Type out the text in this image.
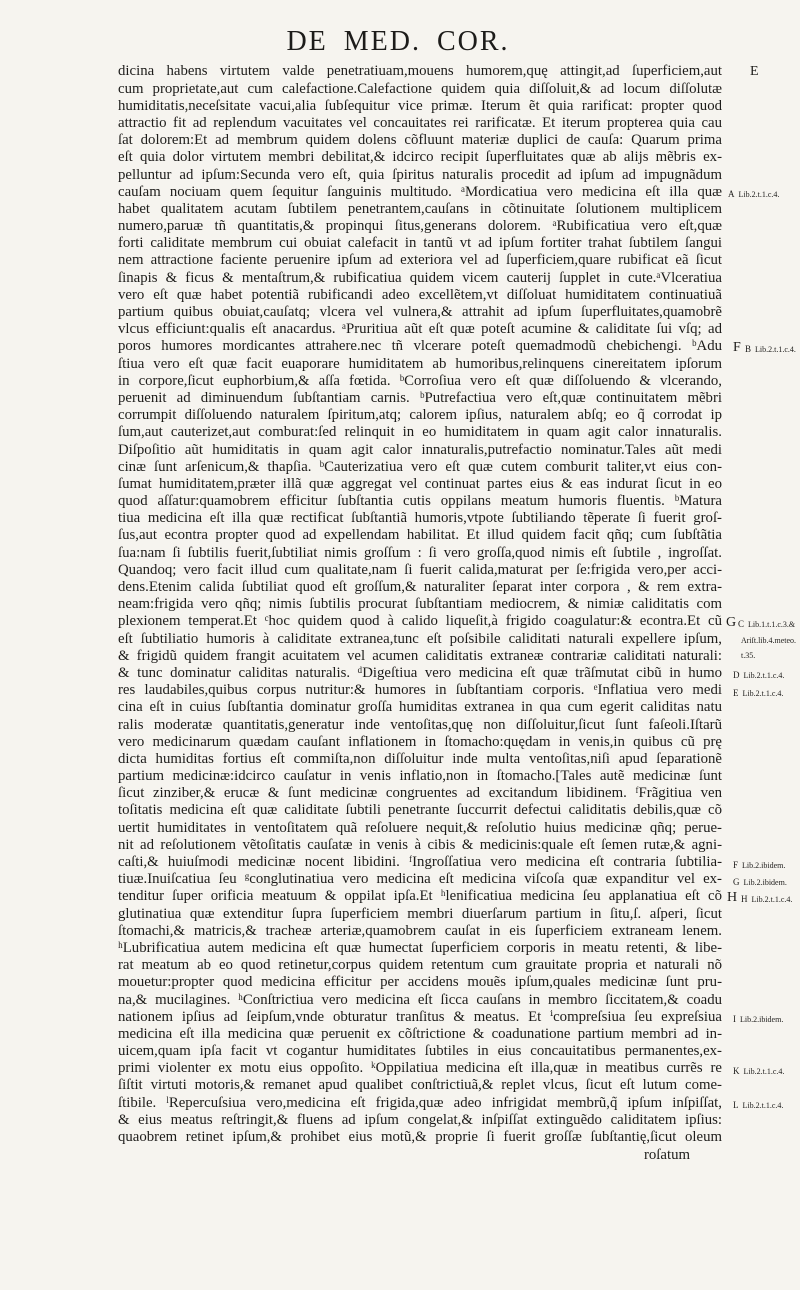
DE MED. COR.
dicina habens virtutem valde penetratiuam,mouens humorem,quę attingit,ad ſuperficiem,aut
cum proprietate,aut cum calefactione.Calefactione quidem quia diſſoluit,& ad locum diſſolutæ
humiditatis,neceſsitate vacui,alia ſubſequitur vice primæ. Iterum ẽt quia rarificat: propter quod
attractio fit ad replendum vacuitates vel concauitates rei rarificatæ. Et iterum propterea quia cau
ſat dolorem:Et ad membrum quidem dolens cõfluunt materiæ duplici de cauſa: Quarum prima
eſt quia dolor virtutem membri debilitat,& idcirco recipit ſuperfluitates quæ ab alijs mẽbris ex-
pelluntur ad ipſum:Secunda vero eſt, quia ſpiritus naturalis procedit ad ipſum ad impugnãdum
cauſam nociuam quem ſequitur ſanguinis multitudo. ᵃMordicatiua vero medicina eſt illa quæ
habet qualitatem acutam ſubtilem penetrantem,cauſans in cõtinuitate ſolutionem multiplicem
numero,paruæ tñ quantitatis,& propinqui ſitus,generans dolorem. ᵃRubificatiua vero eſt,quæ
forti caliditate membrum cui obuiat calefacit in tantũ vt ad ipſum fortiter trahat ſubtilem ſangui
nem attractione faciente peruenire ipſum ad exteriora vel ad ſuperficiem,quare rubificat eã ſicut
ſinapis & ficus & mentaſtrum,& rubificatiua quidem vicem cauterij ſupplet in cute.ᵃVlceratiua
vero eſt quæ habet potentiã rubificandi adeo excellẽtem,vt diſſoluat humiditatem continuatiuã
partium quibus obuiat,cauſatq; vlcera vel vulnera,& attrahit ad ipſum ſuperfluitates,quamobrẽ
vlcus efficiunt:qualis eſt anacardus. ᵃPruritiua aũt eſt quæ poteſt acumine & caliditate ſui vſq; ad
poros humores mordicantes attrahere.nec tñ vlcerare poteſt quemadmodũ chebichengi. ᵇAdu
ſtiua vero eſt quæ facit euaporare humiditatem ab humoribus,relinquens cinereitatem ipſorum
in corpore,ſicut euphorbium,& aſſa fœtida. ᵇCorroſiua vero eſt quæ diſſoluendo & vlcerando,
peruenit ad diminuendum ſubſtantiam carnis. ᵇPutrefactiua vero eſt,quæ continuitatem mẽbri
corrumpit diſſoluendo naturalem ſpiritum,atq; calorem ipſius, naturalem abſq; eo q̃ corrodat ip
ſum,aut cauterizet,aut comburat:ſed relinquit in eo humiditatem in quam agit calor innaturalis.
Diſpoſitio aũt humiditatis in quam agit calor innaturalis,putrefactio nominatur.Tales aũt medi
cinæ ſunt arſenicum,& thapſia. ᵇCauterizatiua vero eſt quæ cutem comburit taliter,vt eius con-
ſumat humiditatem,præter illã quæ aggregat vel continuat partes eius & eas indurat ſicut in eo
quod aſſatur:quamobrem efficitur ſubſtantia cutis oppilans meatum humoris fluentis. ᵇMatura
tiua medicina eſt illa quæ rectificat ſubſtantiã humoris,vtpote ſubtiliando tẽperate ſi fuerit groſ-
ſus,aut econtra propter quod ad expellendam habilitat. Et illud quidem facit qñq; cum ſubſtãtia
ſua:nam ſi ſubtilis fuerit,ſubtiliat nimis groſſum : ſi vero groſſa,quod nimis eſt ſubtile , ingroſſat.
Quandoq; vero facit illud cum qualitate,nam ſi fuerit calida,maturat per ſe:frigida vero,per acci-
dens.Etenim calida ſubtiliat quod eſt groſſum,& naturaliter ſeparat inter corpora , & rem extra-
neam:frigida vero qñq; nimis ſubtilis procurat ſubſtantiam mediocrem, & nimiæ caliditatis com
plexionem temperat.Et ᶜhoc quidem quod à calido liqueſit,à frigido coagulatur:& econtra.Et cũ
eſt ſubtiliatio humoris à caliditate extranea,tunc eſt poſsibile caliditati naturali expellere ipſum,
& frigidũ quidem frangit acuitatem vel acumen caliditatis extraneæ contrariæ caliditati naturali:
& tunc dominatur caliditas naturalis. ᵈDigeſtiua vero medicina eſt quæ trãſmutat cibũ in humo
res laudabiles,quibus corpus nutritur:& humores in ſubſtantiam corporis. ᵉInflatiua vero medi
cina eſt in cuius ſubſtantia dominatur groſſa humiditas extranea in qua cum egerit caliditas natu
ralis moderatæ quantitatis,generatur inde ventoſitas,quę non diſſoluitur,ſicut ſunt faſeoli.Iſtarũ
vero medicinarum quædam cauſant inflationem in ſtomacho:quędam in venis,in quibus cũ prę
dicta humiditas fortius eſt commiſta,non diſſoluitur inde multa ventoſitas,niſi apud ſeparationẽ
partium medicinæ:idcirco cauſatur in venis inflatio,non in ſtomacho.[Tales autẽ medicinæ ſunt
ſicut zinziber,& erucæ & ſunt medicinæ congruentes ad excitandum libidinem. ᶠFrãgitiua ven
toſitatis medicina eſt quæ caliditate ſubtili penetrante ſuccurrit defectui caliditatis debilis,quæ cõ
uertit humiditates in ventoſitatem quã reſoluere nequit,& reſolutio huius medicinæ qñq; perue-
nit ad reſolutionem vẽtoſitatis cauſatæ in venis à cibis & medicinis:quale eſt ſemen rutæ,& agni-
caſti,& huiuſmodi medicinæ nocent libidini. ᶠIngroſſatiua vero medicina eſt contraria ſubtilia-
tiuæ.Inuiſcatiua ſeu ᵍconglutinatiua vero medicina eſt medicina viſcoſa quæ expanditur vel ex-
tenditur ſuper orificia meatuum & oppilat ipſa.Et ʰlenificatiua medicina ſeu applanatiua eſt cõ
glutinatiua quæ extenditur ſupra ſuperficiem membri diuerſarum partium in ſitu,ſ. aſperi, ſicut
ſtomachi,& matricis,& tracheæ arteriæ,quamobrem cauſat in eis ſuperficiem extraneam lenem.
ʰLubrificatiua autem medicina eſt quæ humectat ſuperficiem corporis in meatu retenti, & libe-
rat meatum ab eo quod retinetur,corpus quidem retentum cum grauitate propria et naturali nõ
mouetur:propter quod medicina efficitur per accidens mouẽs ipſum,quales medicinæ ſunt pru-
na,& mucilagines. ʰConſtrictiua vero medicina eſt ſicca cauſans in membro ſiccitatem,& coadu
nationem ipſius ad ſeipſum,vnde obturatur tranſitus & meatus. Et ⁱcompreſsiua ſeu expreſsiua
medicina eſt illa medicina quæ peruenit ex cõſtrictione & coadunatione partium membri ad in-
uicem,quam ipſa facit vt cogantur humiditates ſubtiles in eius concauitatibus permanentes,ex-
primi violenter ex motu eius oppoſito. ᵏOppilatiua medicina eſt illa,quæ in meatibus currẽs re
ſiſtit virtuti motoris,& remanet apud qualibet conſtrictiuã,& replet vlcus, ſicut eſt lutum come-
ſtibile. ˡRepercuſsiua vero,medicina eſt frigida,quæ adeo infrigidat membrũ,q̃ ipſum inſpiſſat,
& eius meatus reſtringit,& fluens ad ipſum congelat,& inſpiſſat extinguẽdo caliditatem ipſius:
quaobrem retinet ipſum,& prohibet eius motũ,& proprie ſi fuerit groſſæ ſubſtantię,ſicut oleum
roſatum
E
F
G
H
A Lib.2.t.1.c.4.
B Lib.2.t.1.c.4.
C Lib.1.t.1.c.3.&
Ariſt.lib.4.meteo.
t.35.
D Lib.2.t.1.c.4.
E Lib.2.t.1.c.4.
F Lib.2.ibidem.
G Lib.2.ibidem.
H Lib.2.t.1.c.4.
I Lib.2.ibidem.
K Lib.2.t.1.c.4.
L Lib.2.t.1.c.4.
